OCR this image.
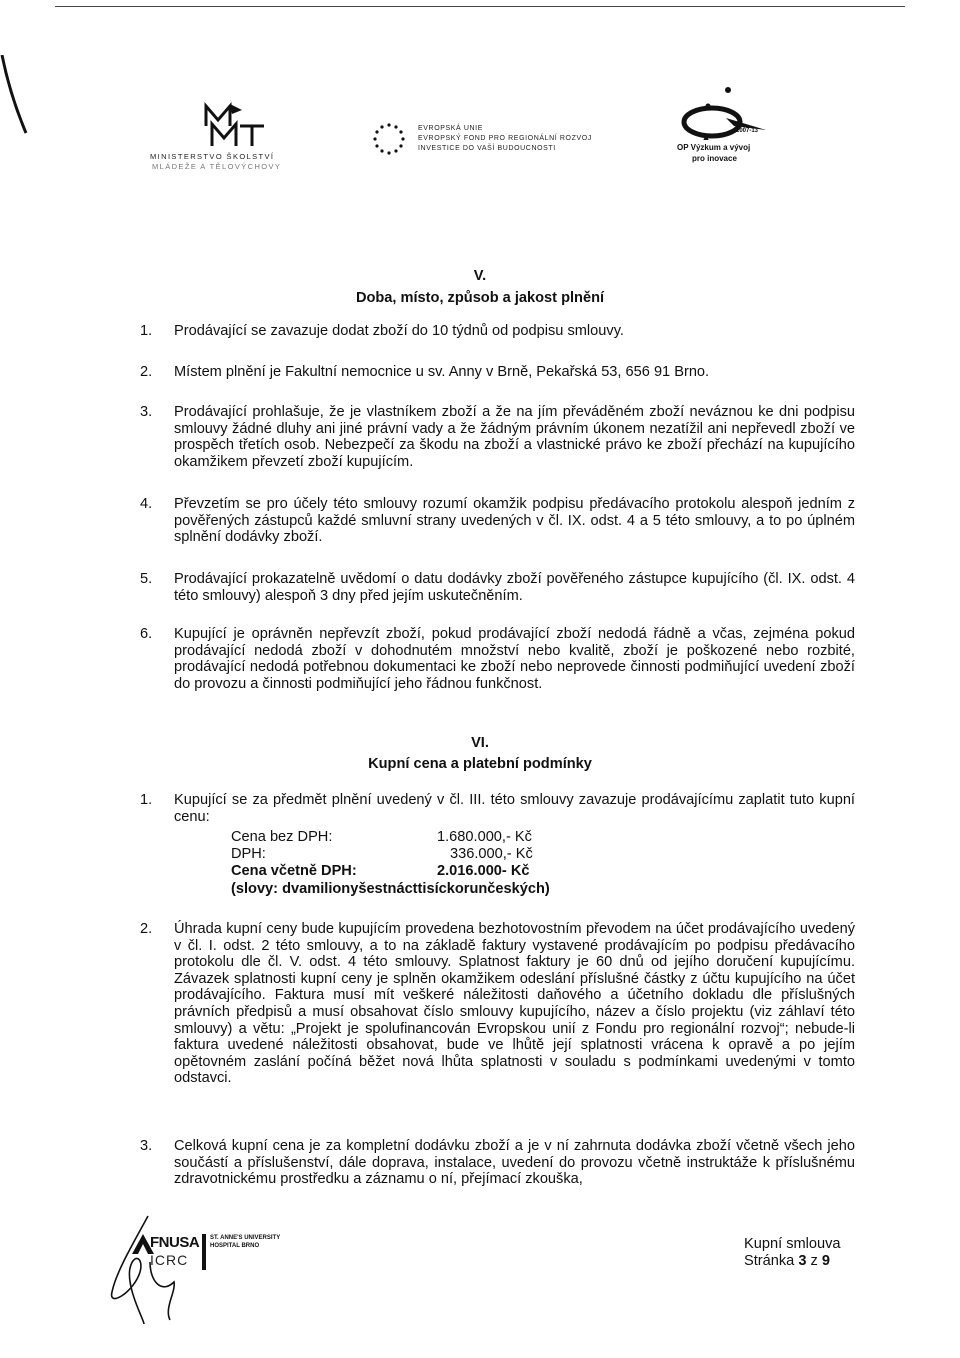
MINISTERSTVO ŠKOLSTVÍ
MLÁDEŽE A TĚLOVÝCHOVY
EVROPSKÁ UNIE
EVROPSKÝ FOND PRO REGIONÁLNÍ ROZVOJ
INVESTICE DO VAŠÍ BUDOUCNOSTI
2007-13
OP Výzkum a vývoj
pro inovace
V.
Doba, místo, způsob a jakost plnění
1. Prodávající se zavazuje dodat zboží do 10 týdnů od podpisu smlouvy.
2. Místem plnění je Fakultní nemocnice u sv. Anny v Brně, Pekařská 53, 656 91 Brno.
3. Prodávající prohlašuje, že je vlastníkem zboží a že na jím převáděném zboží neváznou ke dni podpisu smlouvy žádné dluhy ani jiné právní vady a že žádným právním úkonem nezatížil ani nepřevedl zboží ve prospěch třetích osob. Nebezpečí za škodu na zboží a vlastnické právo ke zboží přechází na kupujícího okamžikem převzetí zboží kupujícím.
4. Převzetím se pro účely této smlouvy rozumí okamžik podpisu předávacího protokolu alespoň jedním z pověřených zástupců každé smluvní strany uvedených v čl. IX. odst. 4 a 5 této smlouvy, a to po úplném splnění dodávky zboží.
5. Prodávající prokazatelně uvědomí o datu dodávky zboží pověřeného zástupce kupujícího (čl. IX. odst. 4 této smlouvy) alespoň 3 dny před jejím uskutečněním.
6. Kupující je oprávněn nepřevzít zboží, pokud prodávající zboží nedodá řádně a včas, zejména pokud prodávající nedodá zboží v dohodnutém množství nebo kvalitě, zboží je poškozené nebo rozbité, prodávající nedodá potřebnou dokumentaci ke zboží nebo neprovede činnosti podmiňující uvedení zboží do provozu a činnosti podmiňující jeho řádnou funkčnost.
VI.
Kupní cena a platební podmínky
1. Kupující se za předmět plnění uvedený v čl. III. této smlouvy zavazuje prodávajícímu zaplatit tuto kupní cenu:
Cena bez DPH:	1.680.000,- Kč
DPH:	336.000,- Kč
Cena včetně DPH:	2.016.000- Kč
(slovy: dvamilionyšestnácttisíckorunčeských)
2. Úhrada kupní ceny bude kupujícím provedena bezhotovostním převodem na účet prodávajícího uvedený v čl. I. odst. 2 této smlouvy, a to na základě faktury vystavené prodávajícím po podpisu předávacího protokolu dle čl. V. odst. 4 této smlouvy. Splatnost faktury je 60 dnů od jejího doručení kupujícímu. Závazek splatnosti kupní ceny je splněn okamžikem odeslání příslušné částky z účtu kupujícího na účet prodávajícího. Faktura musí mít veškeré náležitosti daňového a účetního dokladu dle příslušných právních předpisů a musí obsahovat číslo smlouvy kupujícího, název a číslo projektu (viz záhlaví této smlouvy) a větu: „Projekt je spolufinancován Evropskou unií z Fondu pro regionální rozvoj“; nebude-li faktura uvedené náležitosti obsahovat, bude ve lhůtě její splatnosti vrácena k opravě a po jejím opětovném zaslání počíná běžet nová lhůta splatnosti v souladu s podmínkami uvedenými v tomto odstavci.
3. Celková kupní cena je za kompletní dodávku zboží a je v ní zahrnuta dodávka zboží včetně všech jeho součástí a příslušenství, dále doprava, instalace, uvedení do provozu včetně instruktáže k příslušnému zdravotnickému prostředku a záznamu o ní, přejímací zkouška,
FNUSA ST. ANNE'S UNIVERSITY
HOSPITAL BRNO
ICRC
Kupní smlouva
Stránka 3 z 9
